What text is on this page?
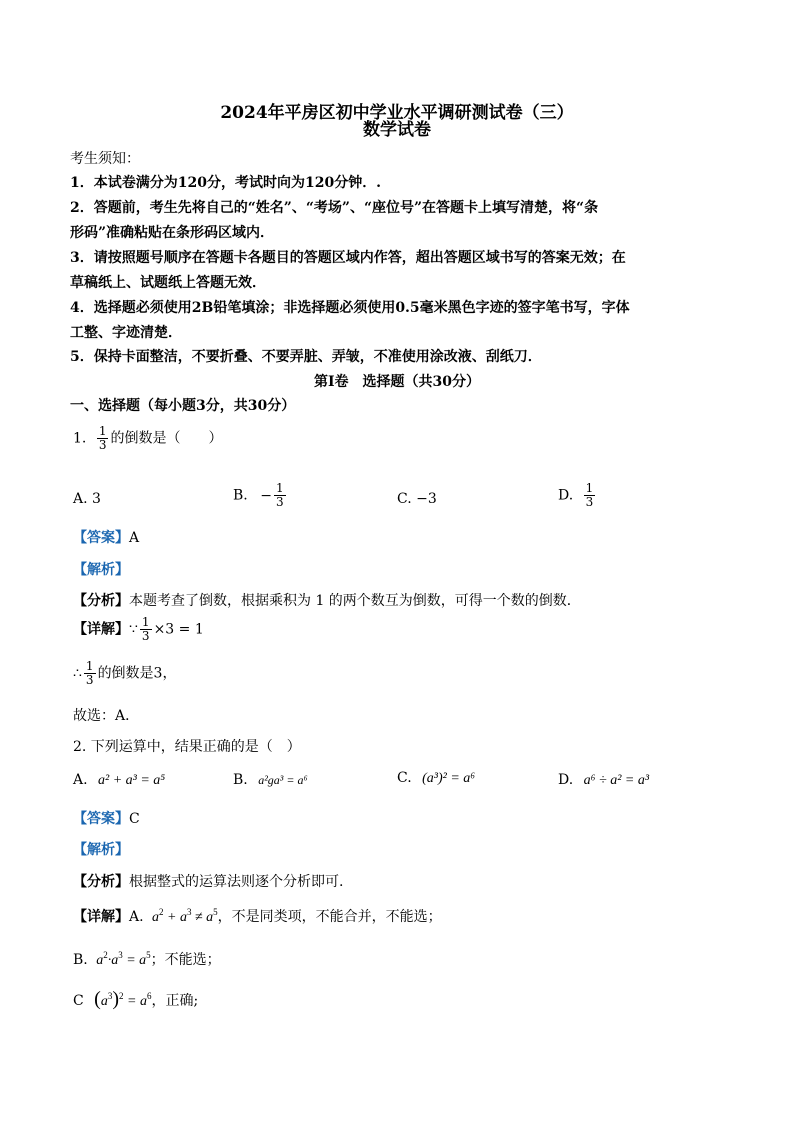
2024年平房区初中学业水平调研测试卷（三）
数学试卷
考生须知：
1．本试卷满分为120分，考试时向为120分钟．.
2．答题前，考生先将自己的“姓名”、“考场”、“座位号”在答题卡上填写清楚，将“条
形码”准确粘贴在条形码区域内．
3．请按照题号顺序在答题卡各题目的答题区域内作答，超出答题区域书写的答案无效；在
草稿纸上、试题纸上答题无效．
4．选择题必须使用2B铅笔填涂；非选择题必须使用0.5毫米黑色字迹的签字笔书写，字体
工整、字迹清楚．
5．保持卡面整洁，不要折叠、不要弄脏、弄皱，不准使用涂改液、刮纸刀．
第Ⅰ卷　选择题（共30分）
一、选择题（每小题3分，共30分）
1. $\frac{1}{3}$ 的倒数是（　　）
A. 3	B. − $\frac{1}{3}$	C. −3	D. $\frac{1}{3}$
【答案】A
【解析】
【分析】本题考查了倒数，根据乘积为 1 的两个数互为倒数，可得一个数的倒数．
【详解】∵ $\frac{1}{3} \times 3 = 1$
∴ $\frac{1}{3}$ 的倒数是3，
故选：A．
2. 下列运算中，结果正确的是（　）
A. a² + a³ = a⁵	B. a²ga³ = a⁶	C. (a³)² = a⁶	D. a⁶ ÷ a² = a³
【答案】C
【解析】
【分析】根据整式的运算法则逐个分析即可.
【详解】A. $a^2 + a^3 \ne a^5$，不是同类项，不能合并，不能选；
B. $a^2\cdot a^3 = a^5$；不能选；
C $(a^3)^2 = a^6$，正确;
